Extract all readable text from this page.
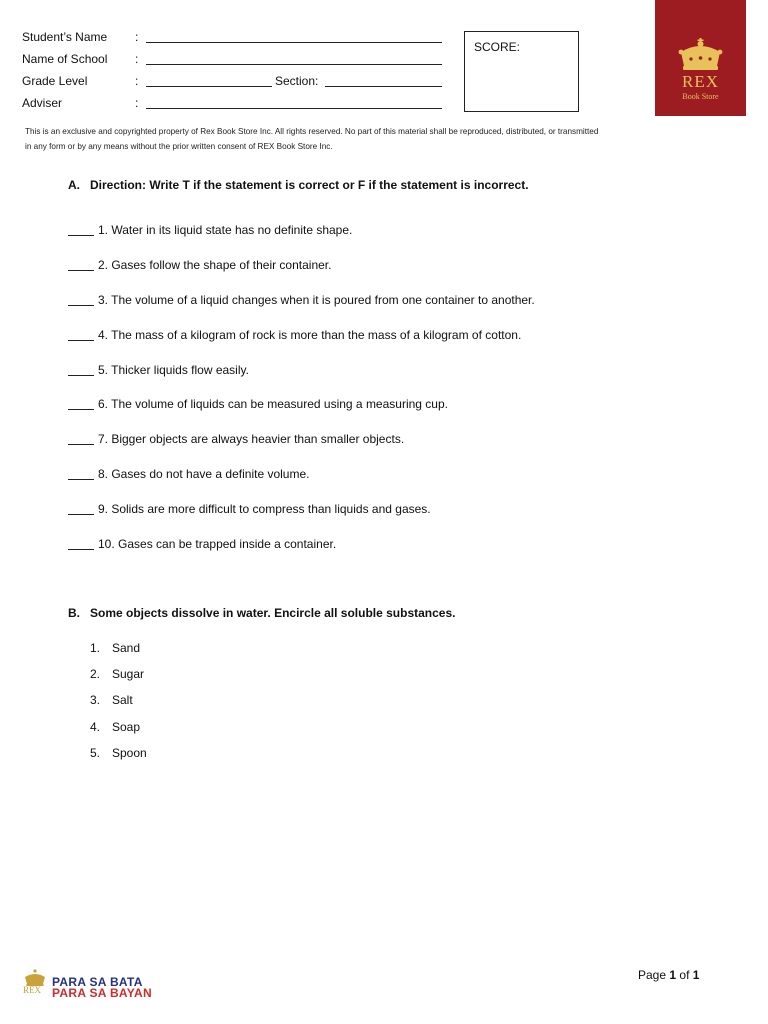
Student’s Name :
Name of School :
Grade Level	:	Section:
Adviser	:
SCORE:
REX
Book Store

This is an exclusive and copyrighted property of Rex Book Store Inc. All rights reserved. No part of this material shall be reproduced, distributed, or transmitted in any form or by any means without the prior written consent of REX Book Store Inc.

A. Direction: Write T if the statement is correct or F if the statement is incorrect.
1. Water in its liquid state has no definite shape.
2. Gases follow the shape of their container.
3. The volume of a liquid changes when it is poured from one container to another.
4. The mass of a kilogram of rock is more than the mass of a kilogram of cotton.
5. Thicker liquids flow easily.
6. The volume of liquids can be measured using a measuring cup.
7. Bigger objects are always heavier than smaller objects.
8. Gases do not have a definite volume.
9. Solids are more difficult to compress than liquids and gases.
10. Gases can be trapped inside a container.
B. Some objects dissolve in water. Encircle all soluble substances.
1. Sand
2. Sugar
3. Salt
4. Soap
5. Spoon
REX
PARA SA BATA
PARA SA BAYAN
Page 1 of 1
